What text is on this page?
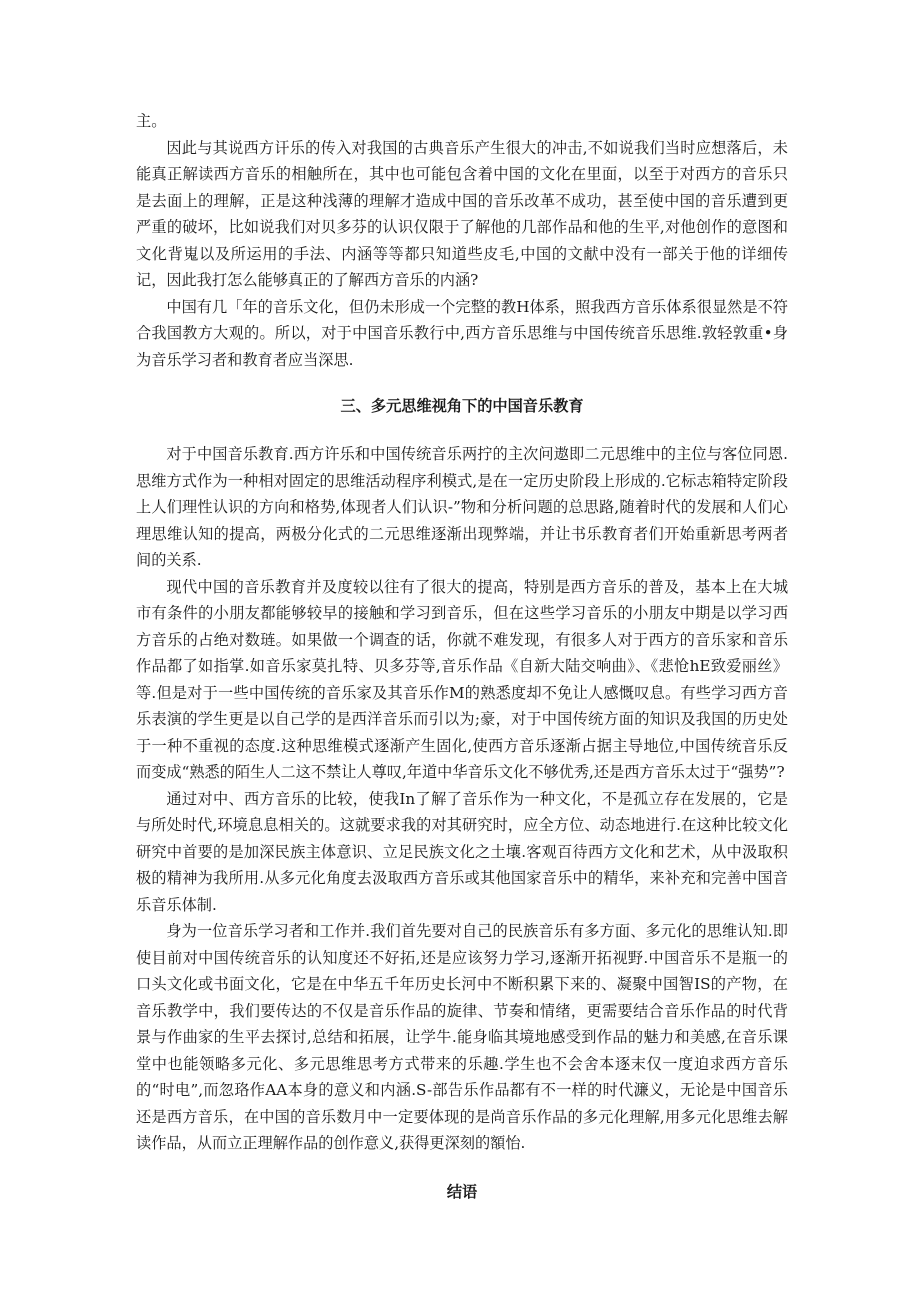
主。

因此与其说西方讦乐的传入对我国的古典音乐产生很大的冲击,不如说我们当时应想落后，未能真正解读西方音乐的相触所在，其中也可能包含着中国的文化在里面，以至于对西方的音乐只是去面上的理解，正是这种浅薄的理解才造成中国的音乐改革不成功，甚至使中国的音乐遭到更严重的破坏，比如说我们对贝多芬的认识仅限于了解他的几部作品和他的生平,对他创作的意图和文化背嵬以及所运用的手法、内涵等等都只知道些皮毛,中国的文献中没有一部关于他的详细传记，因此我打怎么能够真正的了解西方音乐的内涵?

中国有几「年的音乐文化，但仍未形成一个完整的教H体系，照我西方音乐体系很显然是不符合我国教方大观的。所以，对于中国音乐教行中,西方音乐思维与中国传统音乐思维.敦轻敦重•身为音乐学习者和教育者应当深思.

三、多元思维视角下的中国音乐教育

对于中国音乐教育.西方许乐和中国传统音乐两拧的主次问遨即二元思维中的主位与客位同恩.思维方式作为一种相对固定的思维活动程序利模式,是在一定历史阶段上形成的.它标志箱特定阶段上人们理性认识的方向和格势,体现者人们认识-”物和分析问题的总思路,随着时代的发展和人们心理思维认知的提高，两极分化式的二元思维逐渐出现弊端，并让书乐教育者们开始重新思考两者间的关系.

现代中国的音乐教育并及度较以往有了很大的提高，特别是西方音乐的普及，基本上在大城市有条件的小朋友都能够较早的接触和学习到音乐，但在这些学习音乐的小朋友中期是以学习西方音乐的占绝对数琏。如果做一个调查的话，你就不难发现，有很多人对于西方的音乐家和音乐作品都了如指掌.如音乐家莫扎特、贝多芬等,音乐作品《自新大陆交响曲》、《悲怆hE致爱丽丝》等.但是对于一些中国传统的音乐家及其音乐作M的熟悉度却不免让人感慨叹息。有些学习西方音乐表演的学生更是以自己学的是西洋音乐而引以为;豪，对于中国传统方面的知识及我国的历史处于一种不重视的态度.这种思维模式逐渐产生固化,使西方音乐逐渐占据主导地位,中国传统音乐反而变成“熟悉的陌生人二这不禁让人尊叹,年道中华音乐文化不够优秀,还是西方音乐太过于“强势”?

通过对中、西方音乐的比较，使我In了解了音乐作为一种文化，不是孤立存在发展的，它是与所处时代,环境息息相关的。这就要求我的对其研究时，应全方位、动态地进行.在这种比较文化研究中首要的是加深民族主体意识、立足民族文化之土壤.客观百待西方文化和艺术，从中汲取积极的精神为我所用.从多元化角度去汲取西方音乐或其他国家音乐中的精华，来补充和完善中国音乐音乐体制.

身为一位音乐学习者和工作并.我们首先要对自己的民族音乐有多方面、多元化的思维认知.即使目前对中国传统音乐的认知度还不好拓,还是应该努力学习,逐渐开拓视野.中国音乐不是瓶一的口头文化或书面文化，它是在中华五千年历史长河中不断积累下来的、凝聚中国智IS的产物，在音乐教学中，我们要传达的不仅是音乐作品的旋律、节奏和情绪，更需要结合音乐作品的时代背景与作曲家的生平去探讨,总结和拓展，让学牛.能身临其境地感受到作品的魅力和美感,在音乐课堂中也能领略多元化、多元思维思考方式带来的乐趣.学生也不会舍本逐末仅一度迫求西方音乐的“时电”,而忽珞作AA本身的意义和内涵.S-部告乐作品都有不一样的时代濂义，无论是中国音乐还是西方音乐，在中国的音乐数月中一定要体现的是尚音乐作品的多元化理解,用多元化思维去解读作品，从而立正理解作品的创作意义,获得更深刻的額怡.

结语
